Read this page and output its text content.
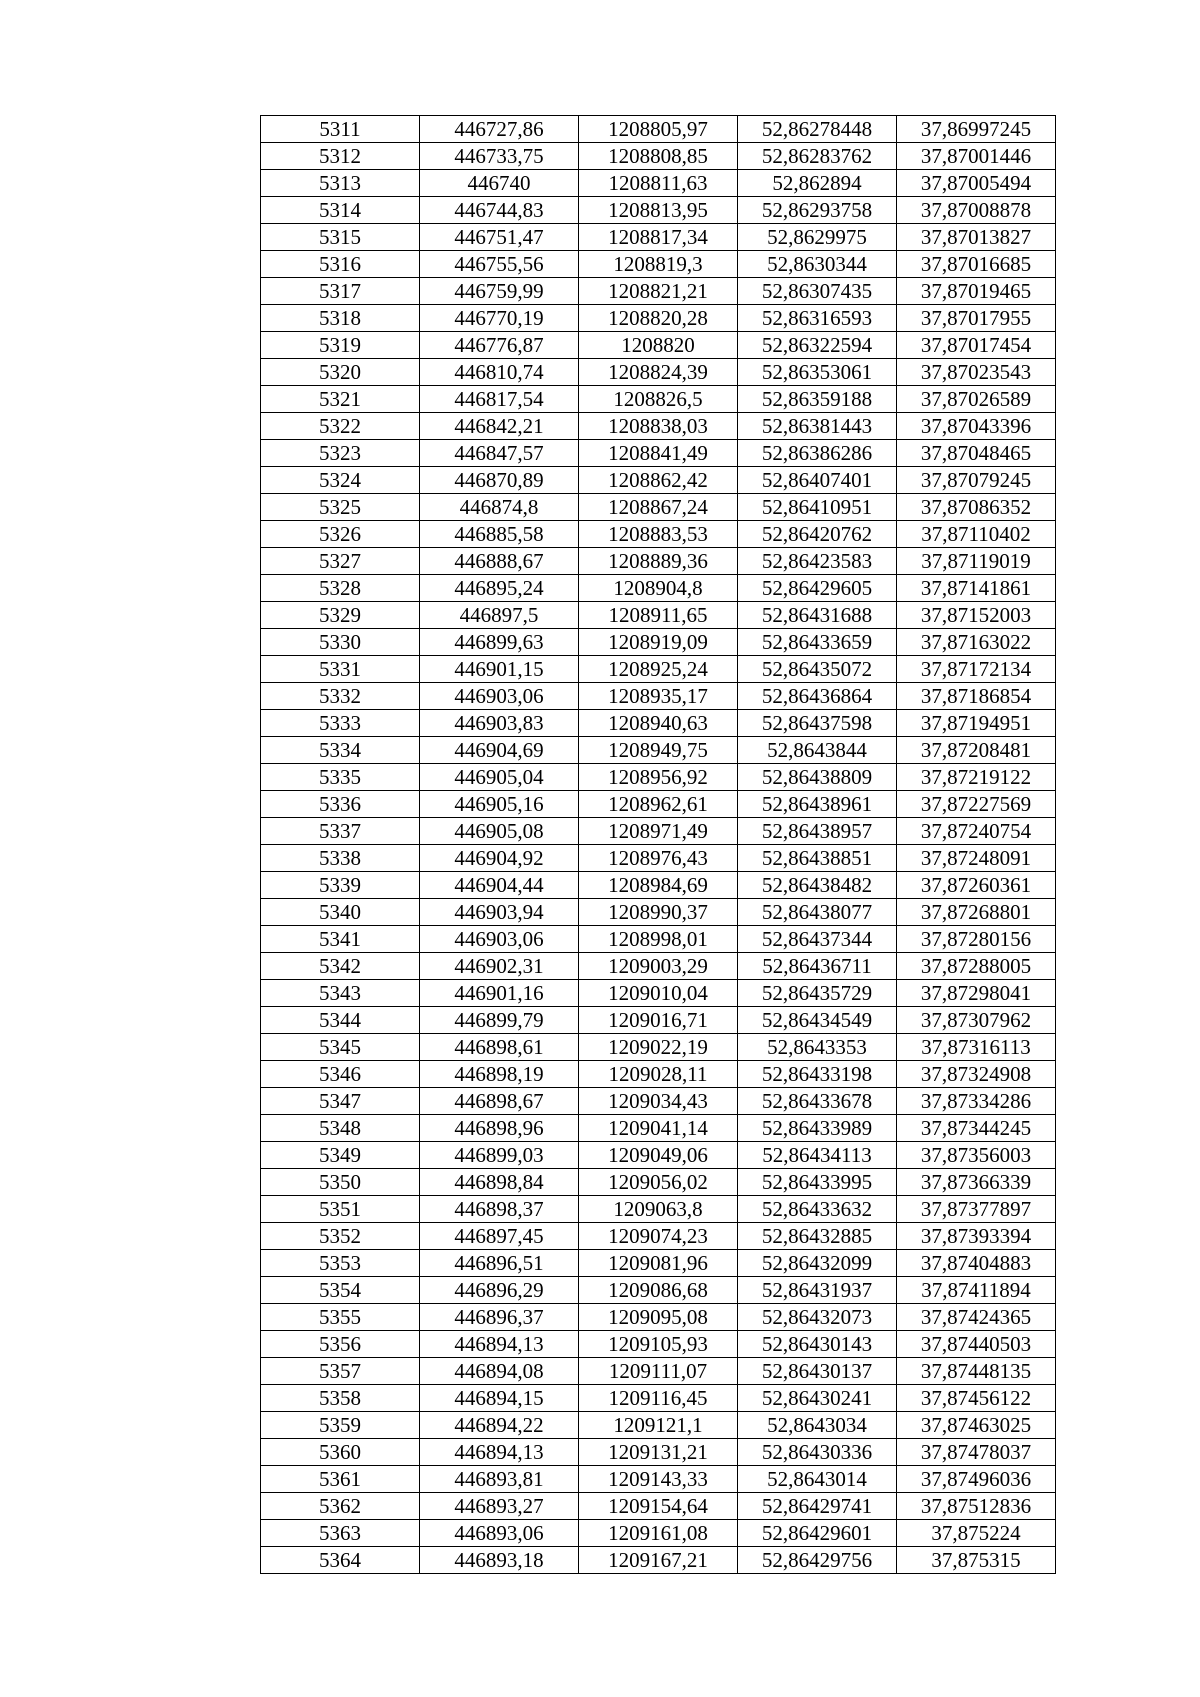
5311	446727,86	1208805,97	52,86278448	37,86997245
5312	446733,75	1208808,85	52,86283762	37,87001446
5313	446740	1208811,63	52,862894	37,87005494
5314	446744,83	1208813,95	52,86293758	37,87008878
5315	446751,47	1208817,34	52,8629975	37,87013827
5316	446755,56	1208819,3	52,8630344	37,87016685
5317	446759,99	1208821,21	52,86307435	37,87019465
5318	446770,19	1208820,28	52,86316593	37,87017955
5319	446776,87	1208820	52,86322594	37,87017454
5320	446810,74	1208824,39	52,86353061	37,87023543
5321	446817,54	1208826,5	52,86359188	37,87026589
5322	446842,21	1208838,03	52,86381443	37,87043396
5323	446847,57	1208841,49	52,86386286	37,87048465
5324	446870,89	1208862,42	52,86407401	37,87079245
5325	446874,8	1208867,24	52,86410951	37,87086352
5326	446885,58	1208883,53	52,86420762	37,87110402
5327	446888,67	1208889,36	52,86423583	37,87119019
5328	446895,24	1208904,8	52,86429605	37,87141861
5329	446897,5	1208911,65	52,86431688	37,87152003
5330	446899,63	1208919,09	52,86433659	37,87163022
5331	446901,15	1208925,24	52,86435072	37,87172134
5332	446903,06	1208935,17	52,86436864	37,87186854
5333	446903,83	1208940,63	52,86437598	37,87194951
5334	446904,69	1208949,75	52,8643844	37,87208481
5335	446905,04	1208956,92	52,86438809	37,87219122
5336	446905,16	1208962,61	52,86438961	37,87227569
5337	446905,08	1208971,49	52,86438957	37,87240754
5338	446904,92	1208976,43	52,86438851	37,87248091
5339	446904,44	1208984,69	52,86438482	37,87260361
5340	446903,94	1208990,37	52,86438077	37,87268801
5341	446903,06	1208998,01	52,86437344	37,87280156
5342	446902,31	1209003,29	52,86436711	37,87288005
5343	446901,16	1209010,04	52,86435729	37,87298041
5344	446899,79	1209016,71	52,86434549	37,87307962
5345	446898,61	1209022,19	52,8643353	37,87316113
5346	446898,19	1209028,11	52,86433198	37,87324908
5347	446898,67	1209034,43	52,86433678	37,87334286
5348	446898,96	1209041,14	52,86433989	37,87344245
5349	446899,03	1209049,06	52,86434113	37,87356003
5350	446898,84	1209056,02	52,86433995	37,87366339
5351	446898,37	1209063,8	52,86433632	37,87377897
5352	446897,45	1209074,23	52,86432885	37,87393394
5353	446896,51	1209081,96	52,86432099	37,87404883
5354	446896,29	1209086,68	52,86431937	37,87411894
5355	446896,37	1209095,08	52,86432073	37,87424365
5356	446894,13	1209105,93	52,86430143	37,87440503
5357	446894,08	1209111,07	52,86430137	37,87448135
5358	446894,15	1209116,45	52,86430241	37,87456122
5359	446894,22	1209121,1	52,8643034	37,87463025
5360	446894,13	1209131,21	52,86430336	37,87478037
5361	446893,81	1209143,33	52,8643014	37,87496036
5362	446893,27	1209154,64	52,86429741	37,87512836
5363	446893,06	1209161,08	52,86429601	37,875224
5364	446893,18	1209167,21	52,86429756	37,875315
